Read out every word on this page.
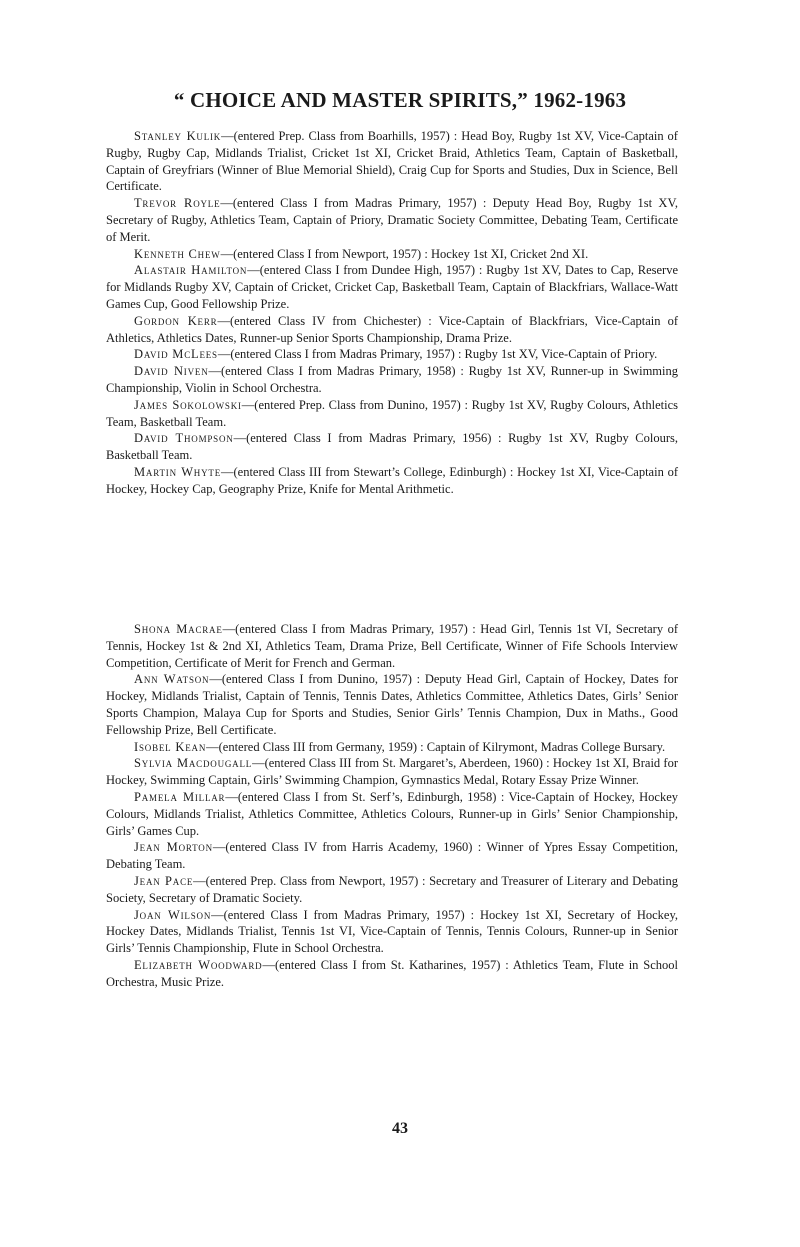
“ CHOICE AND MASTER SPIRITS,” 1962-1963

Stanley Kulik—(entered Prep. Class from Boarhills, 1957) : Head Boy, Rugby 1st XV, Vice-Captain of Rugby, Rugby Cap, Midlands Trialist, Cricket 1st XI, Cricket Braid, Athletics Team, Captain of Basketball, Captain of Greyfriars (Winner of Blue Memorial Shield), Craig Cup for Sports and Studies, Dux in Science, Bell Certificate.

Trevor Royle—(entered Class I from Madras Primary, 1957) : Deputy Head Boy, Rugby 1st XV, Secretary of Rugby, Athletics Team, Captain of Priory, Dramatic Society Committee, Debating Team, Certificate of Merit.

Kenneth Chew—(entered Class I from Newport, 1957) : Hockey 1st XI, Cricket 2nd XI.

Alastair Hamilton—(entered Class I from Dundee High, 1957) : Rugby 1st XV, Dates to Cap, Reserve for Midlands Rugby XV, Captain of Cricket, Cricket Cap, Basketball Team, Captain of Blackfriars, Wallace-Watt Games Cup, Good Fellowship Prize.

Gordon Kerr—(entered Class IV from Chichester) : Vice-Captain of Blackfriars, Vice-Captain of Athletics, Athletics Dates, Runner-up Senior Sports Championship, Drama Prize.

David McLees—(entered Class I from Madras Primary, 1957) : Rugby 1st XV, Vice-Captain of Priory.

David Niven—(entered Class I from Madras Primary, 1958) : Rugby 1st XV, Runner-up in Swimming Championship, Violin in School Orchestra.

James Sokolowski—(entered Prep. Class from Dunino, 1957) : Rugby 1st XV, Rugby Colours, Athletics Team, Basketball Team.

David Thompson—(entered Class I from Madras Primary, 1956) : Rugby 1st XV, Rugby Colours, Basketball Team.

Martin Whyte—(entered Class III from Stewart’s College, Edinburgh) : Hockey 1st XI, Vice-Captain of Hockey, Hockey Cap, Geography Prize, Knife for Mental Arithmetic.

Shona Macrae—(entered Class I from Madras Primary, 1957) : Head Girl, Tennis 1st VI, Secretary of Tennis, Hockey 1st & 2nd XI, Athletics Team, Drama Prize, Bell Certificate, Winner of Fife Schools Interview Competition, Certificate of Merit for French and German.

Ann Watson—(entered Class I from Dunino, 1957) : Deputy Head Girl, Captain of Hockey, Dates for Hockey, Midlands Trialist, Captain of Tennis, Tennis Dates, Athletics Committee, Athletics Dates, Girls’ Senior Sports Champion, Malaya Cup for Sports and Studies, Senior Girls’ Tennis Champion, Dux in Maths., Good Fellowship Prize, Bell Certificate.

Isobel Kean—(entered Class III from Germany, 1959) : Captain of Kilrymont, Madras College Bursary.

Sylvia Macdougall—(entered Class III from St. Margaret’s, Aberdeen, 1960) : Hockey 1st XI, Braid for Hockey, Swimming Captain, Girls’ Swimming Champion, Gymnastics Medal, Rotary Essay Prize Winner.

Pamela Millar—(entered Class I from St. Serf’s, Edinburgh, 1958) : Vice-Captain of Hockey, Hockey Colours, Midlands Trialist, Athletics Committee, Athletics Colours, Runner-up in Girls’ Senior Championship, Girls’ Games Cup.

Jean Morton—(entered Class IV from Harris Academy, 1960) : Winner of Ypres Essay Competition, Debating Team.

Jean Pace—(entered Prep. Class from Newport, 1957) : Secretary and Treasurer of Literary and Debating Society, Secretary of Dramatic Society.

Joan Wilson—(entered Class I from Madras Primary, 1957) : Hockey 1st XI, Secretary of Hockey, Hockey Dates, Midlands Trialist, Tennis 1st VI, Vice-Captain of Tennis, Tennis Colours, Runner-up in Senior Girls’ Tennis Championship, Flute in School Orchestra.

Elizabeth Woodward—(entered Class I from St. Katharines, 1957) : Athletics Team, Flute in School Orchestra, Music Prize.

43
